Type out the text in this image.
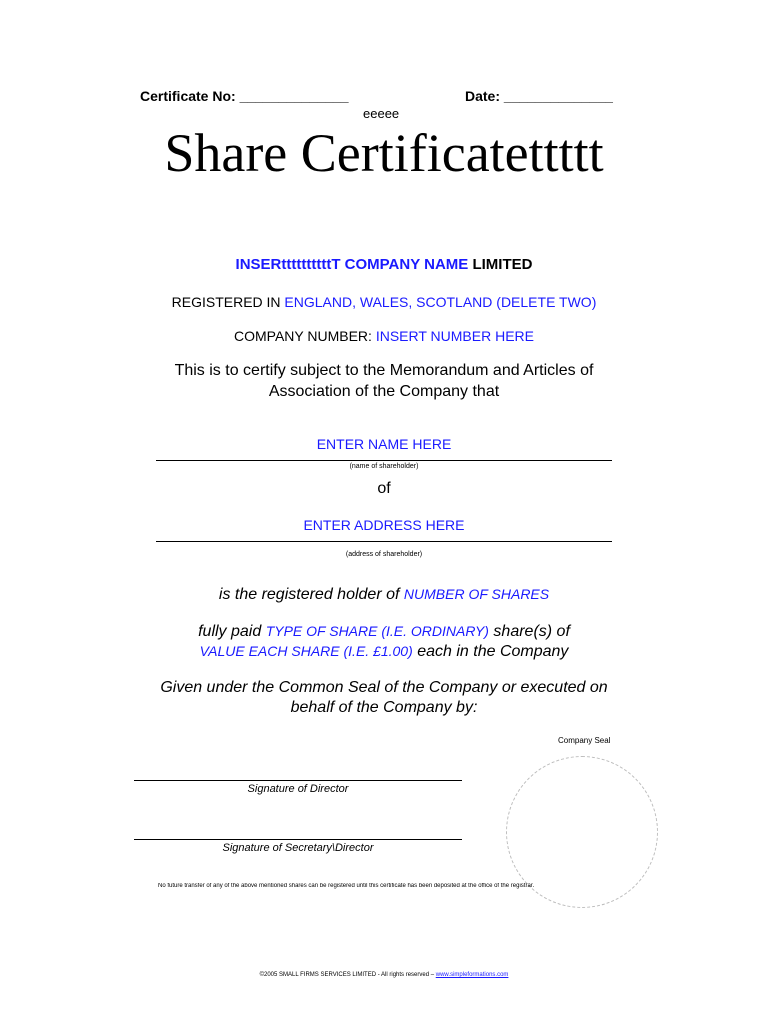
Certificate No: ______________	Date: ______________
eeeee
Share Certificatettttt
INSERttttttttttT COMPANY NAME LIMITED
REGISTERED IN ENGLAND, WALES, SCOTLAND (DELETE TWO)
COMPANY NUMBER: INSERT NUMBER HERE
This is to certify subject to the Memorandum and Articles of
Association of the Company that
ENTER NAME HERE
(name of shareholder)
of
ENTER ADDRESS HERE
(address of shareholder)
is the registered holder of NUMBER OF SHARES
fully paid TYPE OF SHARE (I.E. ORDINARY) share(s) of
VALUE EACH SHARE (I.E. £1.00) each in the Company
Given under the Common Seal of the Company or executed on
behalf of the Company by:
Company Seal
Signature of Director
Signature of Secretary\Director
No future transfer of any of the above mentioned shares can be registered until this certificate has been deposited at the office of the registrar.
©2005 SMALL FIRMS SERVICES LIMITED - All rights reserved – www.simpleformations.com
